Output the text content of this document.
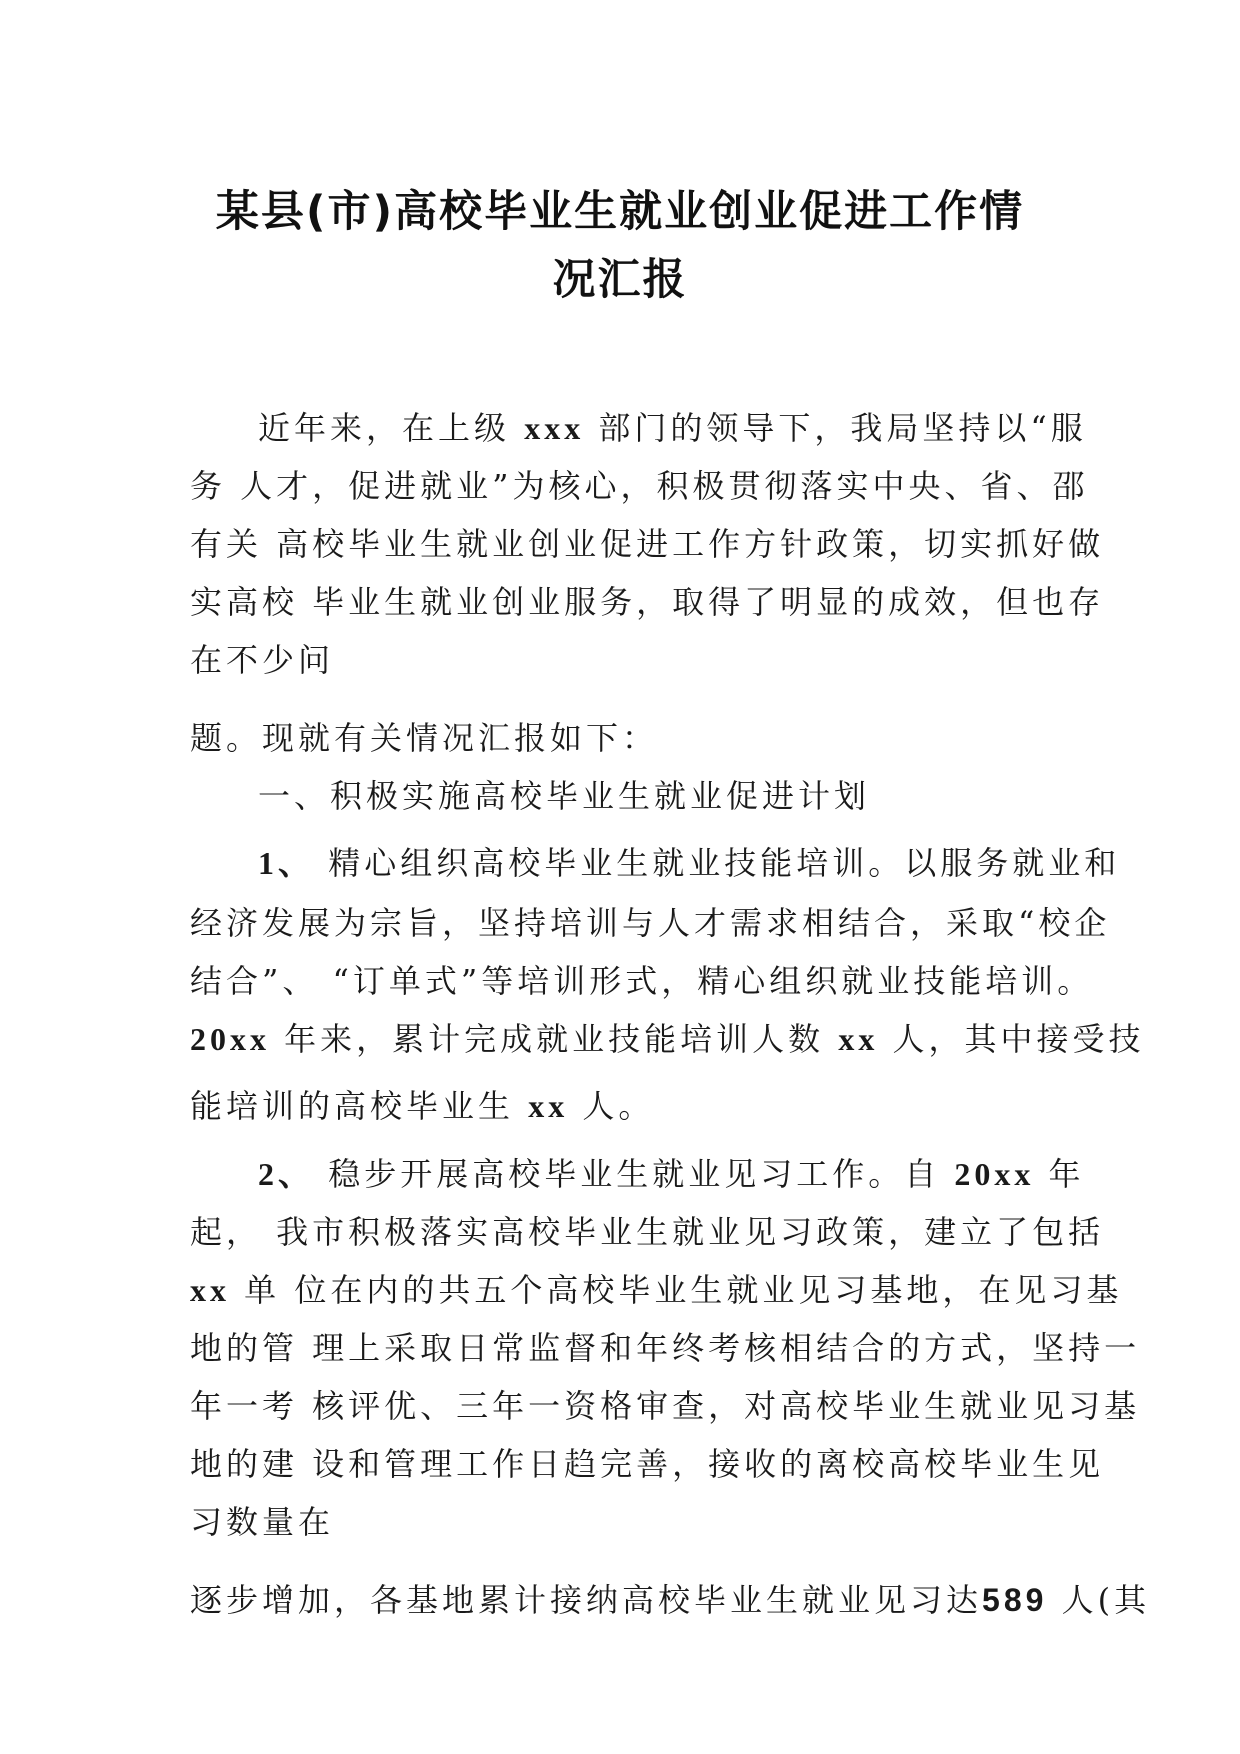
某县(市)高校毕业生就业创业促进工作情
况汇报
近年来，在上级 xxx 部门的领导下，我局坚持以“服
务 人才，促进就业”为核心，积极贯彻落实中央、省、邵
有关 高校毕业生就业创业促进工作方针政策，切实抓好做
实高校 毕业生就业创业服务，取得了明显的成效，但也存
在不少问
题。现就有关情况汇报如下：
一、积极实施高校毕业生就业促进计划
1、 精心组织高校毕业生就业技能培训。以服务就业和
经济发展为宗旨，坚持培训与人才需求相结合，采取“校企
结合”、 “订单式”等培训形式，精心组织就业技能培训。
20xx 年来，累计完成就业技能培训人数 xx 人，其中接受技
能培训的高校毕业生 xx 人。
2、 稳步开展高校毕业生就业见习工作。自 20xx 年
起， 我市积极落实高校毕业生就业见习政策，建立了包括
xx 单 位在内的共五个高校毕业生就业见习基地，在见习基
地的管 理上采取日常监督和年终考核相结合的方式，坚持一
年一考 核评优、三年一资格审查，对高校毕业生就业见习基
地的建 设和管理工作日趋完善，接收的离校高校毕业生见
习数量在
逐步增加，各基地累计接纳高校毕业生就业见习达589 人(其
